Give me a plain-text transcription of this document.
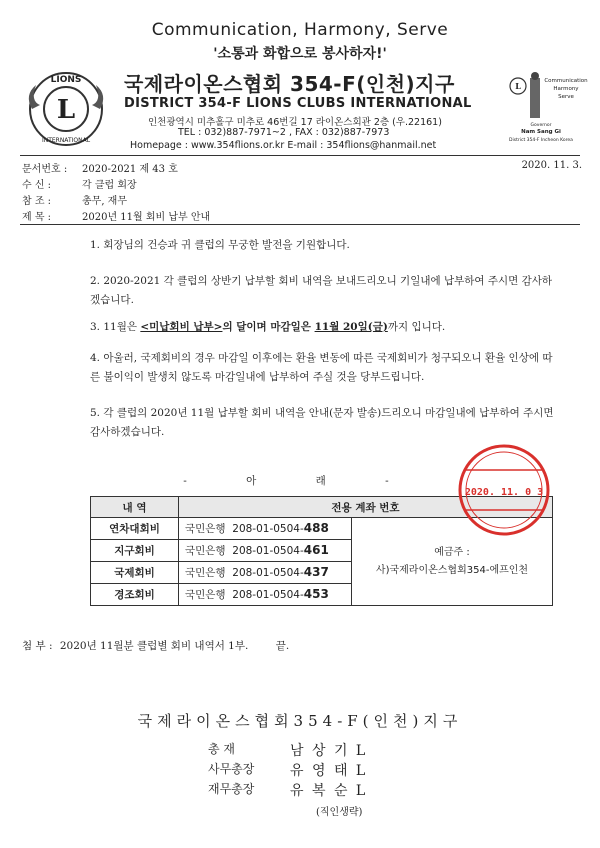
Communication, Harmony, Serve
'소통과 화합으로 봉사하자!'
L
LIONS
INTERNATIONAL
국제라이온스협회 354-F(인천)지구
DISTRICT 354-F LIONS CLUBS INTERNATIONAL
인천광역시 미추홀구 미추로 46번길 17 라이온스회관 2층 (우.22161)
TEL : 032)887-7971~2 , FAX : 032)887-7973
Homepage : www.354flions.or.kr E-mail : 354flions@hanmail.net
L	Communication
Harmony
Serve
Governor
Nam Sang Gi
District 354-F Incheon Korea
문서번호 : 2020-2021 제 43 호	2020. 11. 3.
수 신 :	각 클럽 회장
참 조 :	총무, 재무
제 목 :	2020년 11월 회비 납부 안내
1. 회장님의 건승과 귀 클럽의 무궁한 발전을 기원합니다.
2. 2020-2021 각 클럽의 상반기 납부할 회비 내역을 보내드리오니 기일내에 납부하여 주시면 감사하겠습니다.
3. 11월은 <미납회비 납부>의 달이며 마감일은 11월 20일(금)까지 입니다.
4. 아울러, 국제회비의 경우 마감일 이후에는 환율 변동에 따른 국제회비가 청구되오니 환율 인상에 따른 불이익이 발생치 않도록 마감일내에 납부하여 주실 것을 당부드립니다.
5. 각 클럽의 2020년 11월 납부할 회비 내역을 안내(문자 발송)드리오니 마감일내에 납부하여 주시면 감사하겠습니다.
- 아 래 -
내 역	전용 계좌 번호	
연차대회비	국민은행 208-01-0504-488	예금주 :
사)국제라이온스협회354-에프인천

지구회비	국민은행 208-01-0504-461	
국제회비	국민은행 208-01-0504-437	
경조회비	국민은행 208-01-0504-453	
2020. 11. 0 3
첨 부 : 2020년 11월분 클럽별 회비 내역서 1부.	끝.
국제라이온스협회354-F(인천)지구
총 재	남 상 기 L
사무총장	유 영 태 L
재무총장	유 복 순 L
(직인생략)
